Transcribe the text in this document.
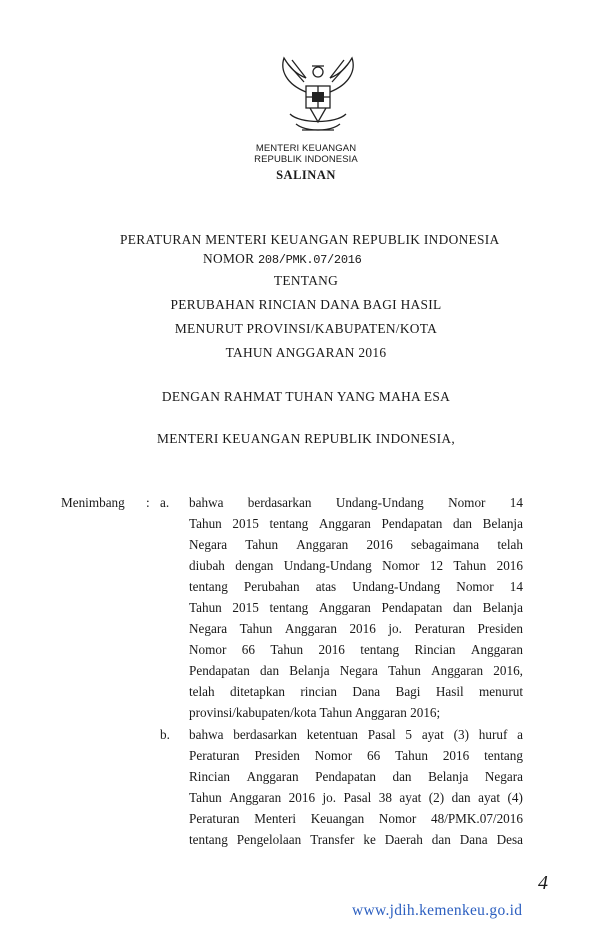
MENTERI KEUANGAN
REPUBLIK INDONESIA
SALINAN
PERATURAN MENTERI KEUANGAN REPUBLIK INDONESIA
NOMOR 208/PMK.07/2016
TENTANG
PERUBAHAN RINCIAN DANA BAGI HASIL
MENURUT PROVINSI/KABUPATEN/KOTA
TAHUN ANGGARAN 2016
DENGAN RAHMAT TUHAN YANG MAHA ESA
MENTERI KEUANGAN REPUBLIK INDONESIA,
Menimbang : a.
b.
bahwa berdasarkan Undang-Undang Nomor 14
Tahun 2015 tentang Anggaran Pendapatan dan Belanja
Negara Tahun Anggaran 2016 sebagaimana telah
diubah dengan Undang-Undang Nomor 12 Tahun 2016
tentang Perubahan atas Undang-Undang Nomor 14
Tahun 2015 tentang Anggaran Pendapatan dan Belanja
Negara Tahun Anggaran 2016 jo. Peraturan Presiden
Nomor 66 Tahun 2016 tentang Rincian Anggaran
Pendapatan dan Belanja Negara Tahun Anggaran 2016,
telah ditetapkan rincian Dana Bagi Hasil menurut
provinsi/kabupaten/kota Tahun Anggaran 2016;
bahwa berdasarkan ketentuan Pasal 5 ayat (3) huruf a
Peraturan Presiden Nomor 66 Tahun 2016 tentang
Rincian Anggaran Pendapatan dan Belanja Negara
Tahun Anggaran 2016 jo. Pasal 38 ayat (2) dan ayat (4)
Peraturan Menteri Keuangan Nomor 48/PMK.07/2016
tentang Pengelolaan Transfer ke Daerah dan Dana Desa
4
www.jdih.kemenkeu.go.id
